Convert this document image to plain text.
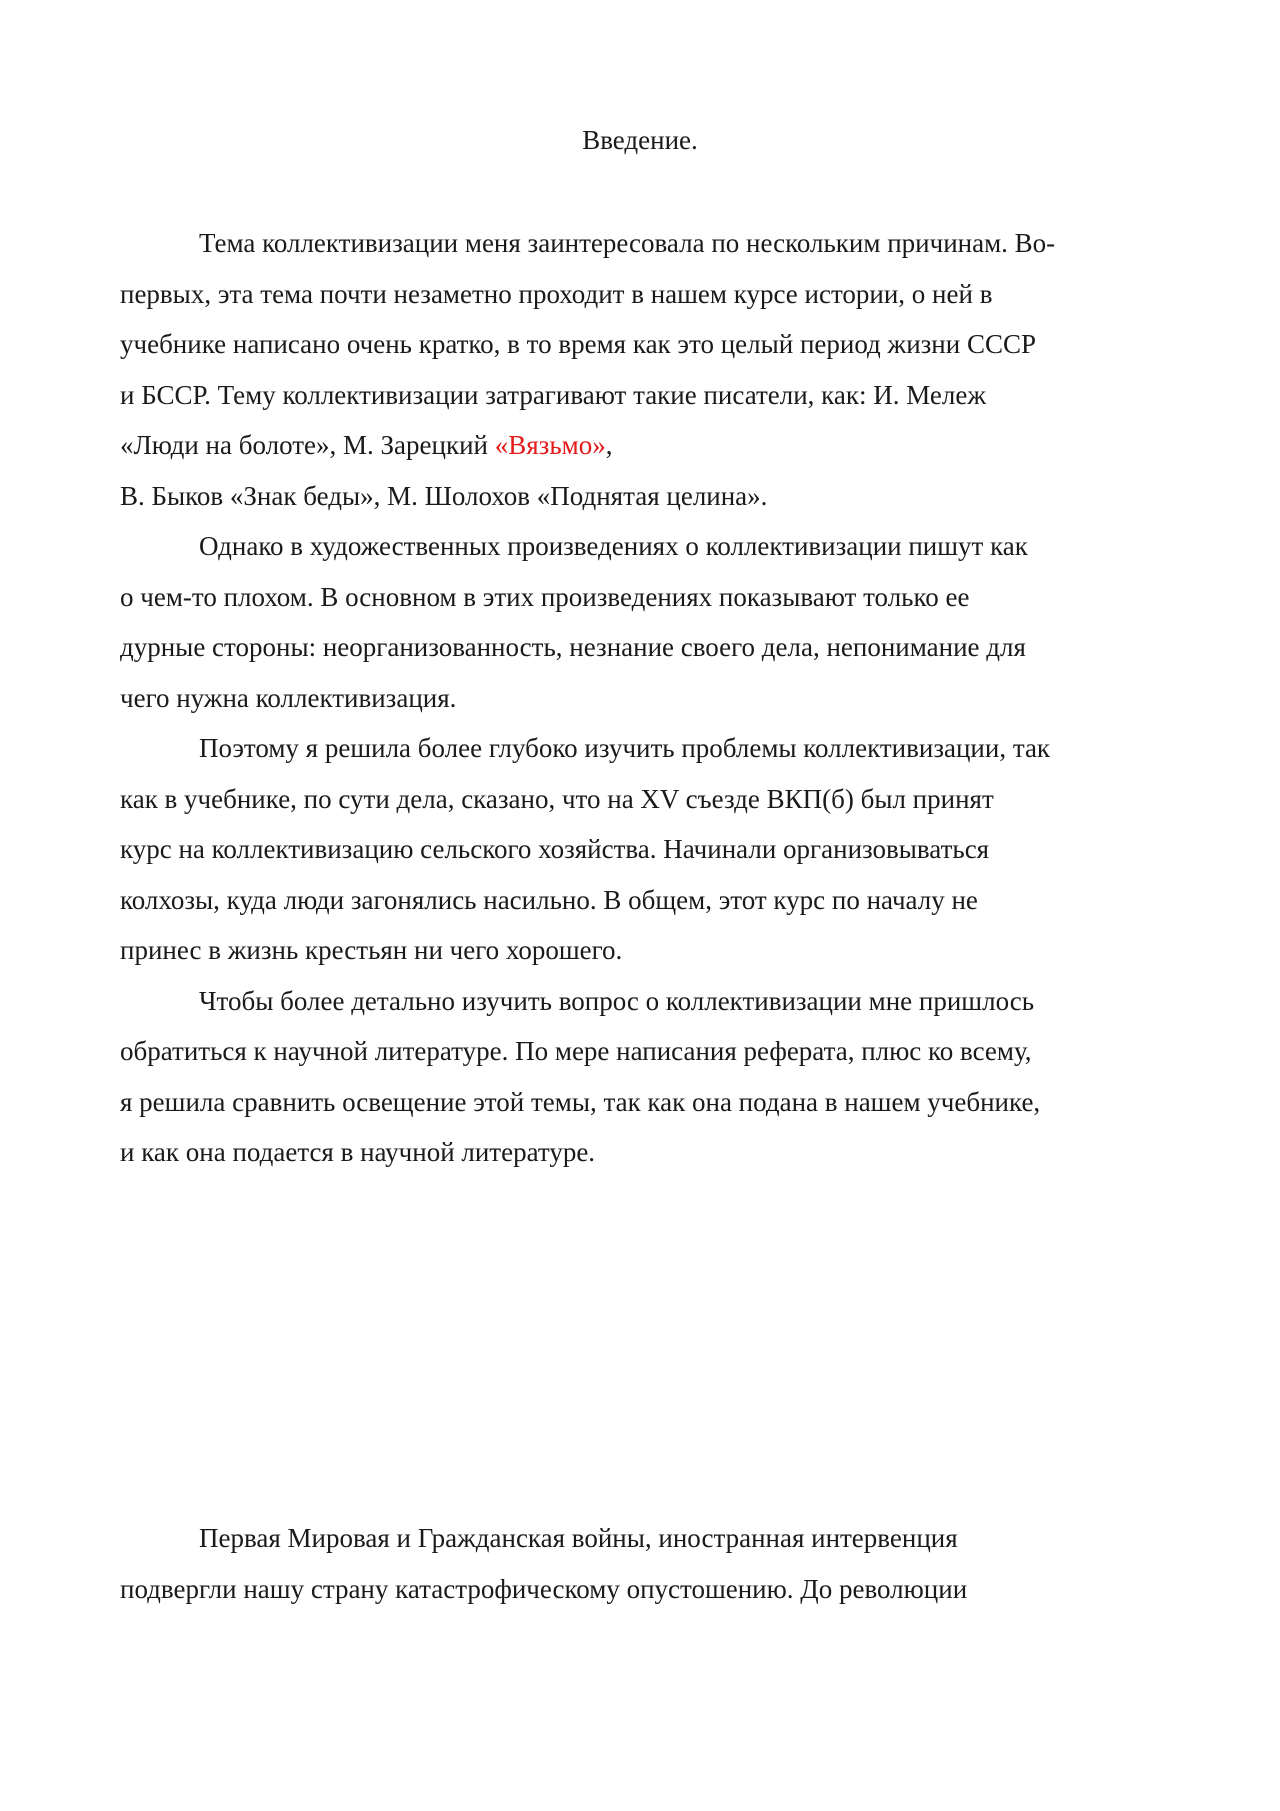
Введение.
Тема коллективизации меня заинтересовала по нескольким причинам. Во-
первых, эта тема почти незаметно проходит в нашем курсе истории, о ней в
учебнике написано очень кратко, в то время как это целый период жизни СССР
и БССР. Тему коллективизации затрагивают такие писатели, как: И. Мележ
«Люди на болоте», М. Зарецкий «Вязьмо»,
В. Быков «Знак беды», М. Шолохов «Поднятая целина».
Однако в художественных произведениях о коллективизации пишут как
о чем-то плохом. В основном в этих произведениях показывают только ее
дурные стороны: неорганизованность, незнание своего дела, непонимание для
чего нужна коллективизация.
Поэтому я решила более глубоко изучить проблемы коллективизации, так
как в учебнике, по сути дела, сказано, что на XV съезде ВКП(б) был принят
курс на коллективизацию сельского хозяйства. Начинали организовываться
колхозы, куда люди загонялись насильно. В общем, этот курс по началу не
принес в жизнь крестьян ни чего хорошего.
Чтобы более детально изучить вопрос о коллективизации мне пришлось
обратиться к научной литературе. По мере написания реферата, плюс ко всему,
я решила сравнить освещение этой темы, так как она подана в нашем учебнике,
и как она подается в научной литературе.
Первая Мировая и Гражданская войны, иностранная интервенция
подвергли нашу страну катастрофическому опустошению. До революции
